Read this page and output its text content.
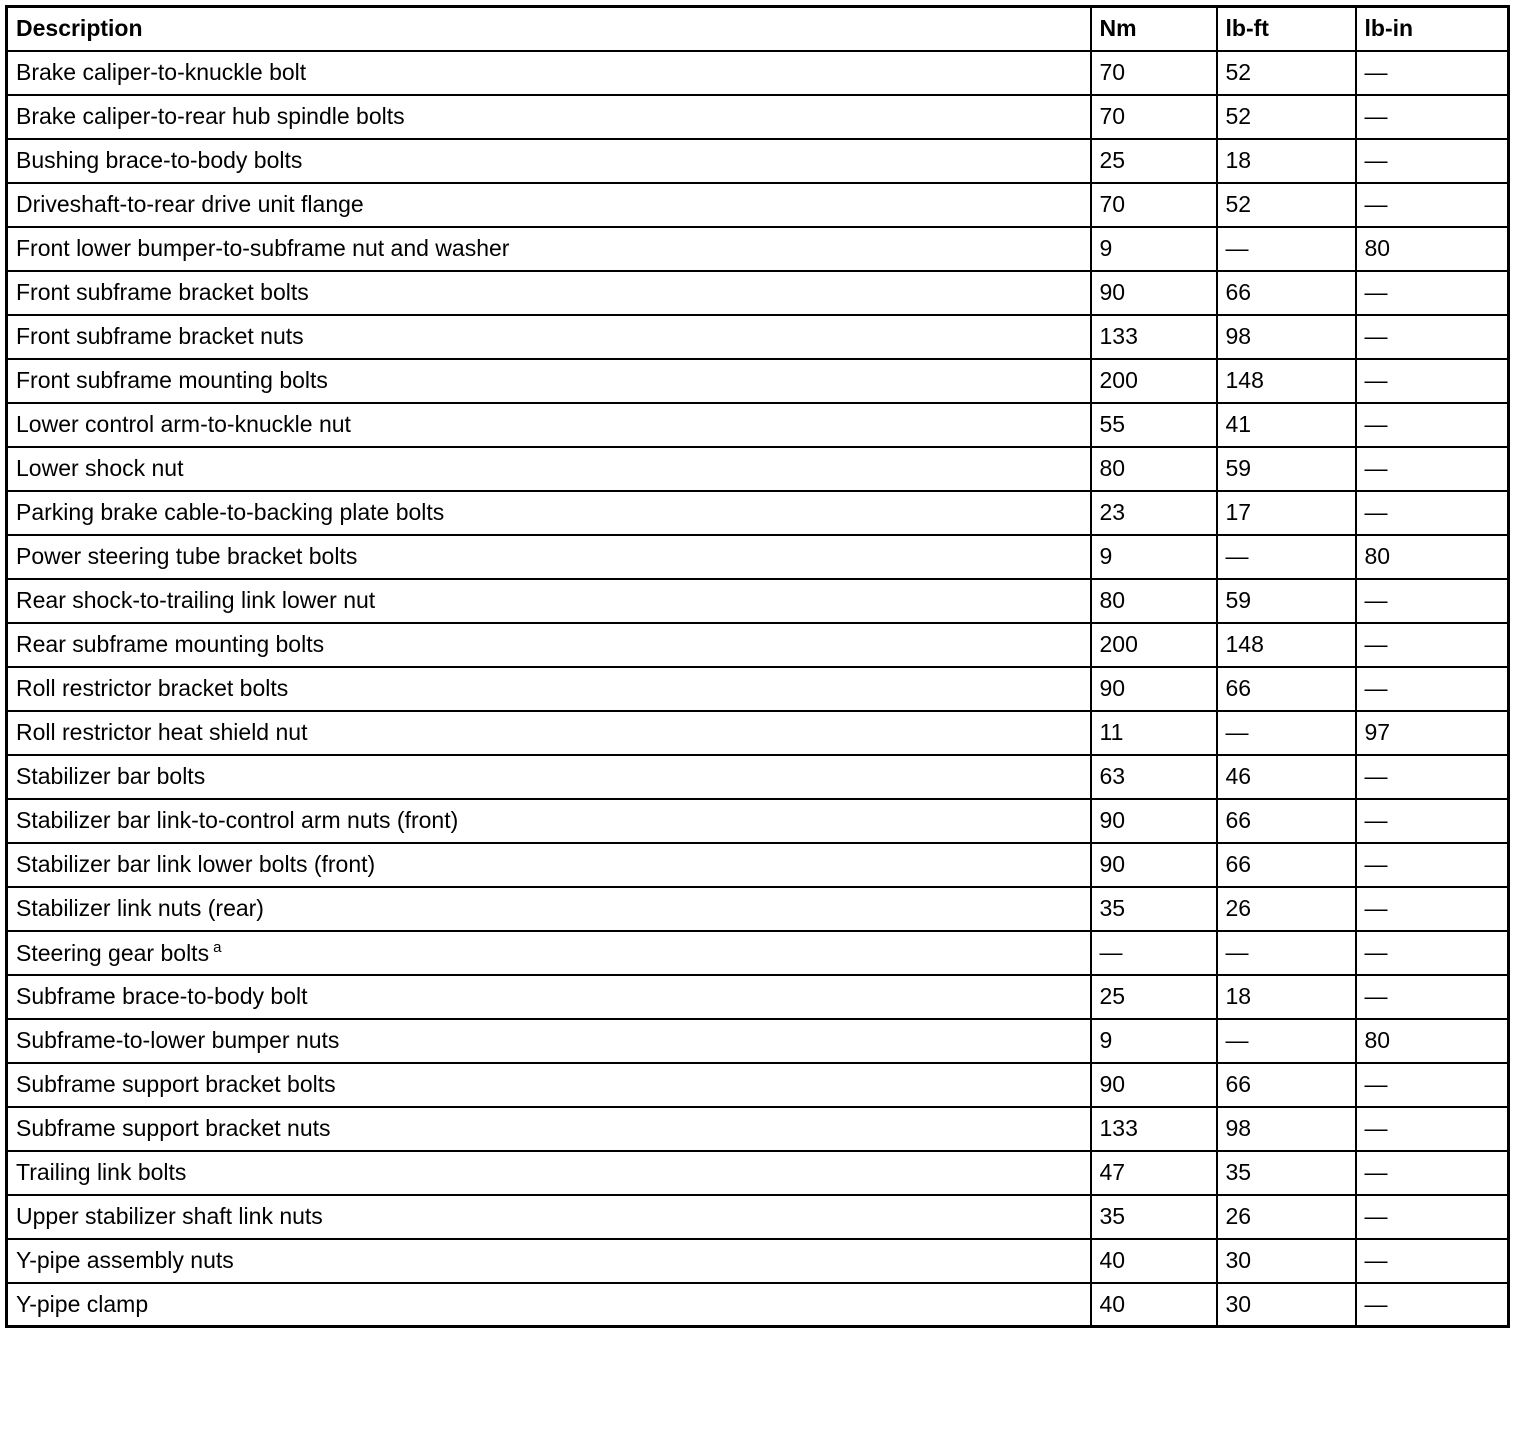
Description	Nm	lb-ft	lb-in
Brake caliper-to-knuckle bolt	70	52	—
Brake caliper-to-rear hub spindle bolts	70	52	—
Bushing brace-to-body bolts	25	18	—
Driveshaft-to-rear drive unit flange	70	52	—
Front lower bumper-to-subframe nut and washer	9	—	80
Front subframe bracket bolts	90	66	—
Front subframe bracket nuts	133	98	—
Front subframe mounting bolts	200	148	—
Lower control arm-to-knuckle nut	55	41	—
Lower shock nut	80	59	—
Parking brake cable-to-backing plate bolts	23	17	—
Power steering tube bracket bolts	9	—	80
Rear shock-to-trailing link lower nut	80	59	—
Rear subframe mounting bolts	200	148	—
Roll restrictor bracket bolts	90	66	—
Roll restrictor heat shield nut	11	—	97
Stabilizer bar bolts	63	46	—
Stabilizer bar link-to-control arm nuts (front)	90	66	—
Stabilizer bar link lower bolts (front)	90	66	—
Stabilizer link nuts (rear)	35	26	—
Steering gear bolts $^a$	—	—	—
Subframe brace-to-body bolt	25	18	—
Subframe-to-lower bumper nuts	9	—	80
Subframe support bracket bolts	90	66	—
Subframe support bracket nuts	133	98	—
Trailing link bolts	47	35	—
Upper stabilizer shaft link nuts	35	26	—
Y-pipe assembly nuts	40	30	—
Y-pipe clamp	40	30	—
